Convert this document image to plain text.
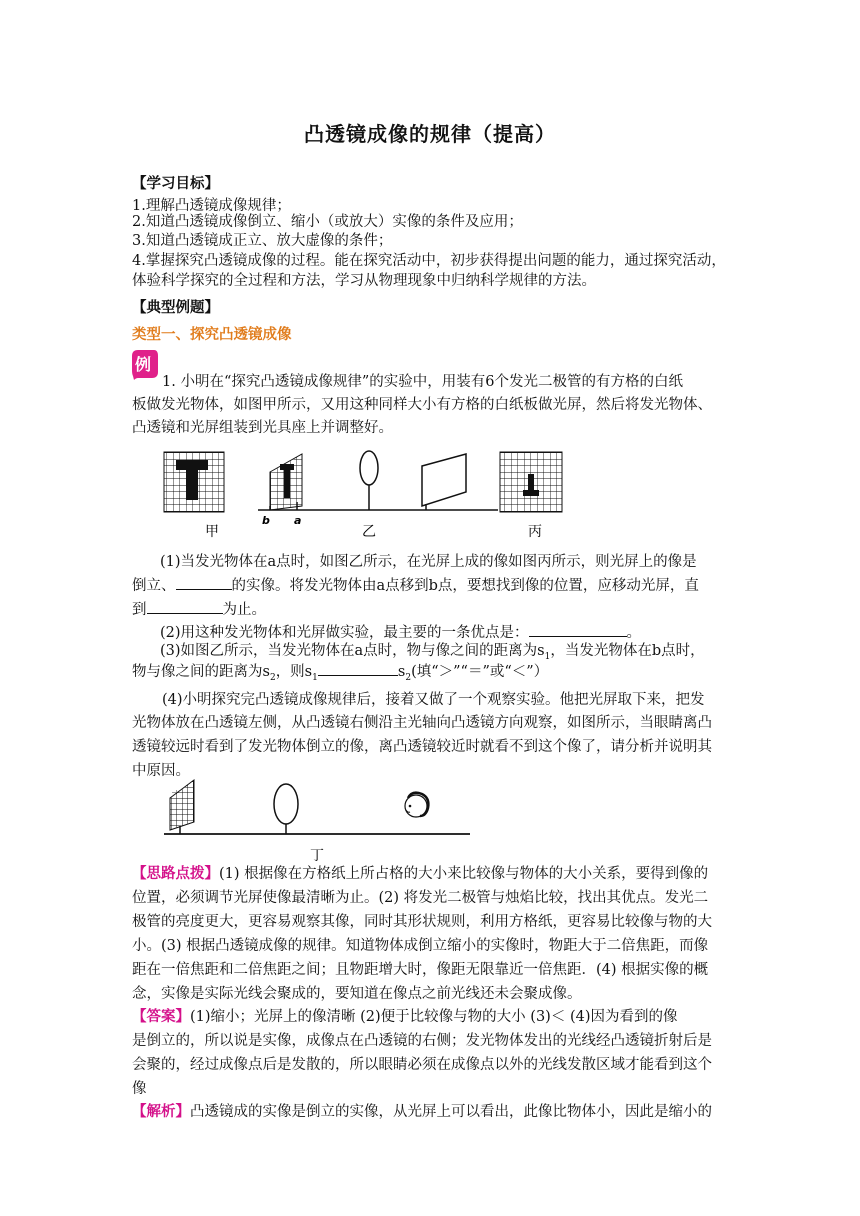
凸透镜成像的规律（提高）
【学习目标】
1.理解凸透镜成像规律；
2.知道凸透镜成像倒立、缩小（或放大）实像的条件及应用；
3.知道凸透镜成正立、放大虚像的条件；
4.掌握探究凸透镜成像的过程。能在探究活动中，初步获得提出问题的能力，通过探究活动，
体验科学探究的全过程和方法，学习从物理现象中归纳科学规律的方法。
【典型例题】
类型一、探究凸透镜成像
例
1. 小明在“探究凸透镜成像规律”的实验中，用装有6个发光二极管的有方格的白纸
板做发光物体，如图甲所示，又用这种同样大小有方格的白纸板做光屏，然后将发光物体、
凸透镜和光屏组装到光具座上并调整好。
b a
甲	乙	丙
(1)当发光物体在a点时，如图乙所示，在光屏上成的像如图丙所示，则光屏上的像是
倒立、	的实像。将发光物体由a点移到b点，要想找到像的位置，应移动光屏，直
到	为止。
(2)用这种发光物体和光屏做实验，最主要的一条优点是：	。
(3)如图乙所示，当发光物体在a点时，物与像之间的距离为$s_1$，当发光物体在b点时，
物与像之间的距离为$s_2$，则$s_1$	$s_2$(填“＞”“＝”或“＜”）
(4)小明探究完凸透镜成像规律后，接着又做了一个观察实验。他把光屏取下来，把发
光物体放在凸透镜左侧，从凸透镜右侧沿主光轴向凸透镜方向观察，如图所示，当眼睛离凸
透镜较远时看到了发光物体倒立的像，离凸透镜较近时就看不到这个像了，请分析并说明其
中原因。
丁
【思路点拨】(1) 根据像在方格纸上所占格的大小来比较像与物体的大小关系，要得到像的
位置，必须调节光屏使像最清晰为止。(2) 将发光二极管与烛焰比较，找出其优点。发光二
极管的亮度更大，更容易观察其像，同时其形状规则，利用方格纸，更容易比较像与物的大
小。(3) 根据凸透镜成像的规律。知道物体成倒立缩小的实像时，物距大于二倍焦距，而像
距在一倍焦距和二倍焦距之间；且物距增大时，像距无限靠近一倍焦距．(4) 根据实像的概
念，实像是实际光线会聚成的，要知道在像点之前光线还未会聚成像。
【答案】(1)缩小；光屏上的像清晰 (2)便于比较像与物的大小 (3)＜ (4)因为看到的像
是倒立的，所以说是实像，成像点在凸透镜的右侧；发光物体发出的光线经凸透镜折射后是
会聚的，经过成像点后是发散的，所以眼睛必须在成像点以外的光线发散区域才能看到这个
像
【解析】凸透镜成的实像是倒立的实像，从光屏上可以看出，此像比物体小，因此是缩小的
